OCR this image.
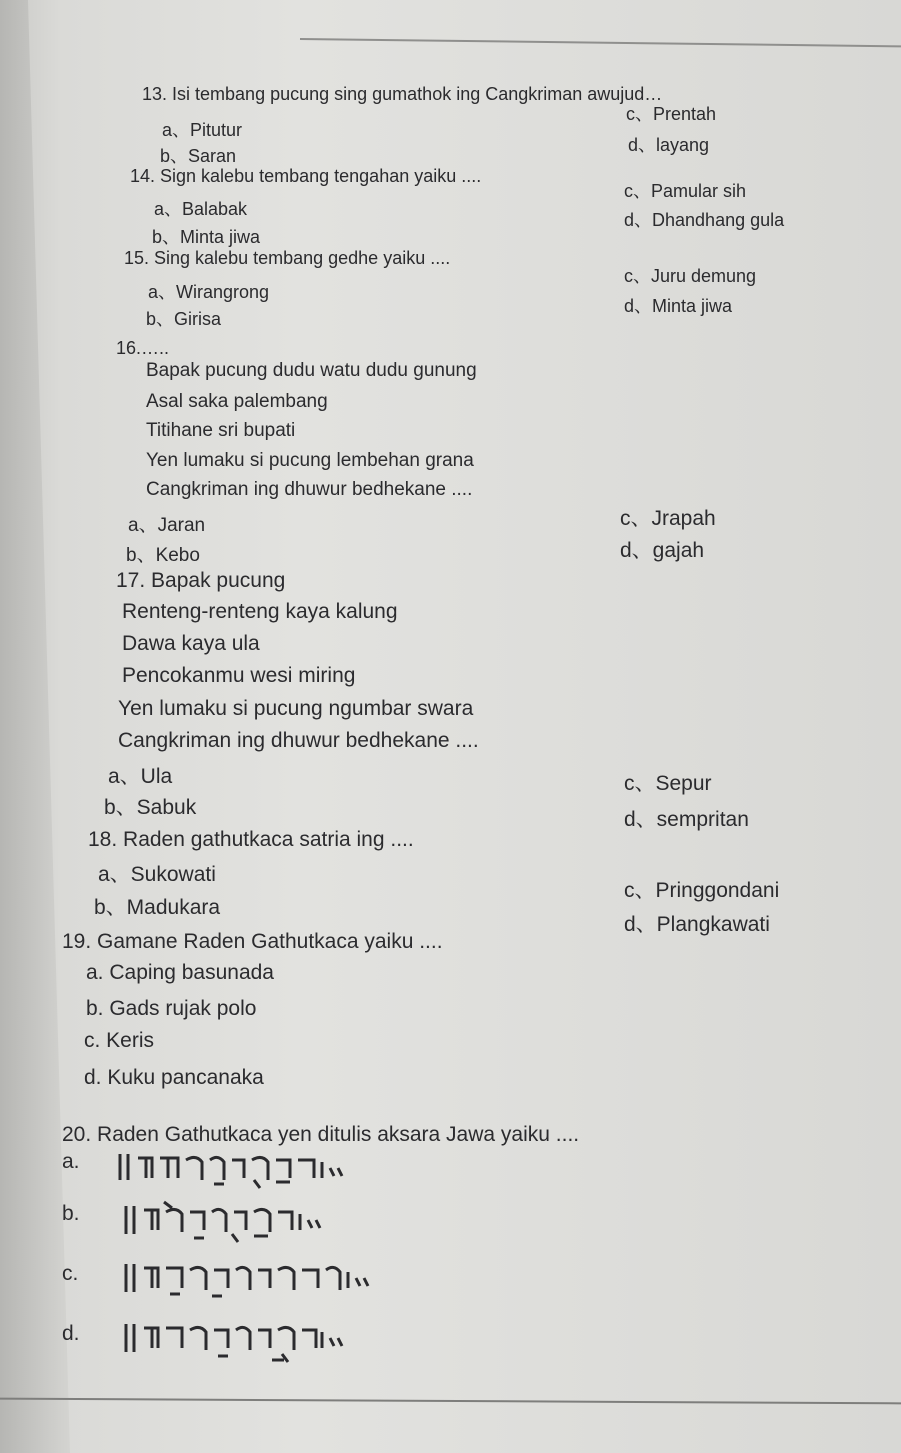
13. Isi tembang pucung sing gumathok ing Cangkriman awujud…
a、Pitutur
c、Prentah
b、Saran
d、layang
14. Sign kalebu tembang tengahan yaiku ....
a、Balabak
c、Pamular sih
b、Minta jiwa
d、Dhandhang gula
15. Sing kalebu tembang gedhe yaiku ....
a、Wirangrong
c、Juru demung
b、Girisa
d、Minta jiwa
16.…..
Bapak pucung dudu watu dudu gunung
Asal saka palembang
Titihane sri bupati
Yen lumaku si pucung lembehan grana
Cangkriman ing dhuwur bedhekane ....
a、Jaran	c、Jrapah
b、Kebo	d、gajah
17. Bapak pucung
Renteng-renteng kaya kalung
Dawa kaya ula
Pencokanmu wesi miring
Yen lumaku si pucung ngumbar swara
Cangkriman ing dhuwur bedhekane ....
a、Ula	c、Sepur
b、Sabuk
d、sempritan
18. Raden gathutkaca satria ing ....
a、Sukowati
c、Pringgondani
b、Madukara
d、Plangkawati
19. Gamane Raden Gathutkaca yaiku ....
a. Caping basunada
b. Gads rujak polo
c. Keris
d. Kuku pancanaka
20. Raden Gathutkaca yen ditulis aksara Jawa yaiku ....
a.
b.
c.
d.
